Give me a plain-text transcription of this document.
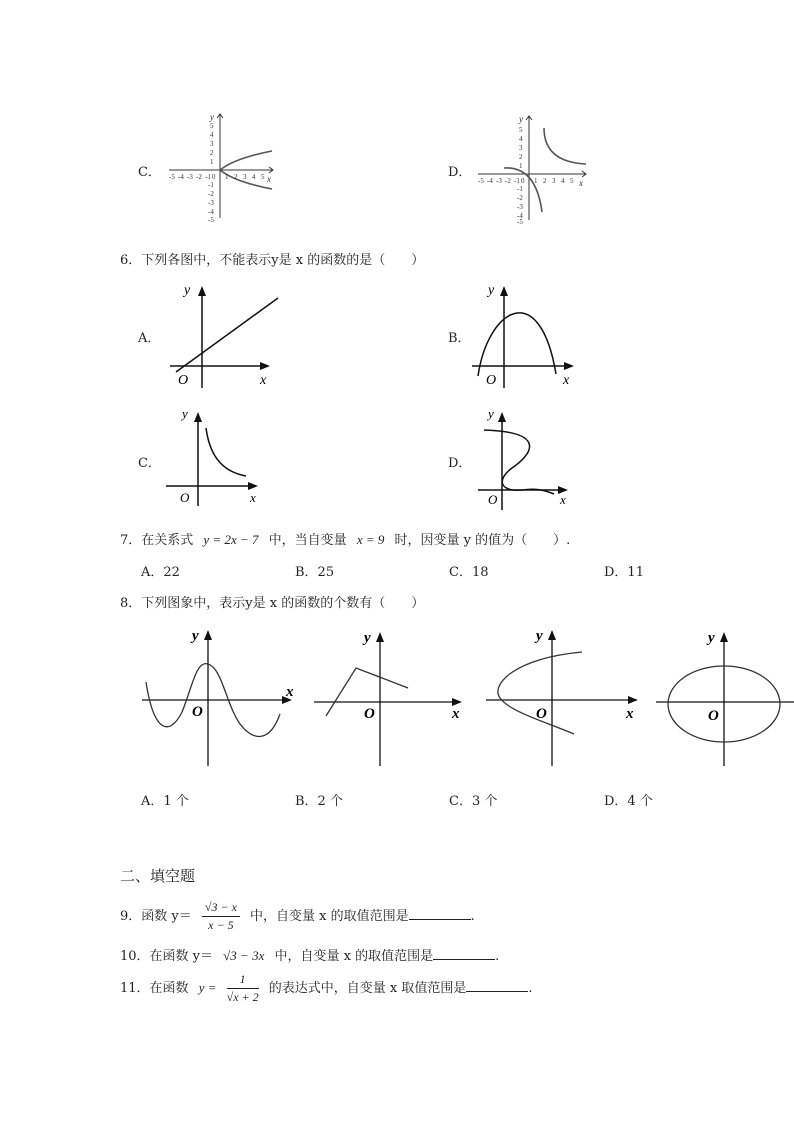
C．
y
x
0
-5 -4 -3 -2 -1 1 2 3 4 5
5
4
3
2
1
-1
-2
-3
-4
-5
D．
y
x
0
-5 -4 -3 -2 -1 1 2 3 4 5
5
4
3
2
1
-1
-2
-3
-4
-5
6．下列各图中，不能表示y是 x 的函数的是（　　）
A．
y
x
O
B．
y
x
O
C．
y
x
O
D．
y
x
O
7．在关系式 y = 2x − 7 中，当自变量 x = 9 时，因变量 y 的值为（　　）.
A．22	B．25	C．18	D．11
8．下列图象中，表示y是 x 的函数的个数有（　　）
y
x
O
y
x
O
y
x
O
y
O
A．1 个	B．2 个	C．3 个	D．4 个
二、填空题
9．函数 $y= \frac{√3 - x}{x - 5}$ 中，自变量 x 的取值范围是	.
10．在函数 y＝ √3 − 3x 中，自变量 x 的取值范围是	.
11．在函数 $y = \frac{1}{√x + 2}$ 的表达式中，自变量 x 取值范围是	.
